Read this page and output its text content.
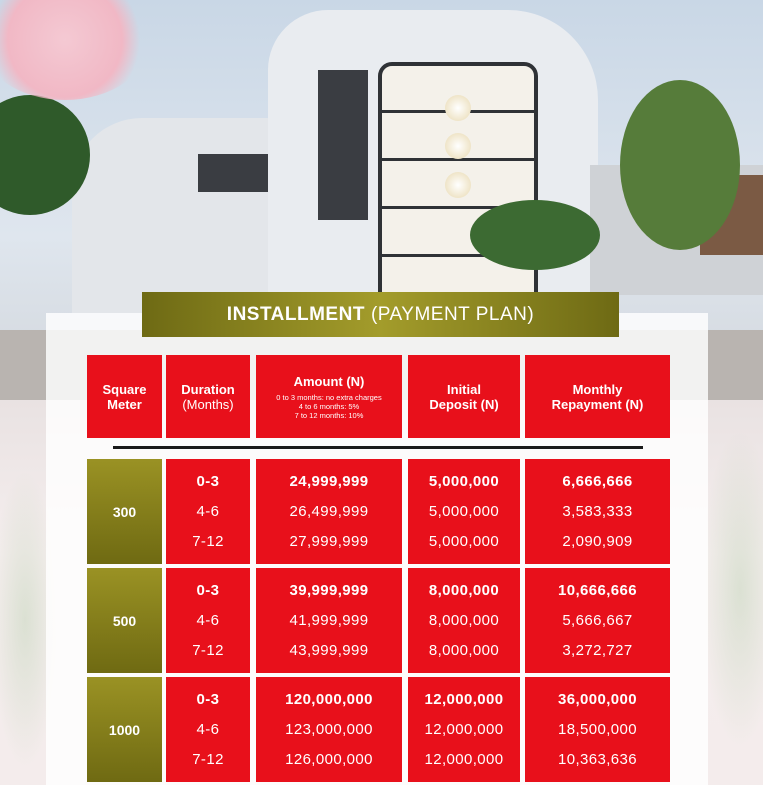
INSTALLMENT (PAYMENT PLAN)
Square
Meter
Duration
(Months)
Amount (N)
0 to 3 months: no extra charges
4 to 6 months: 5%
7 to 12 months: 10%
Initial
Deposit (N)
Monthly
Repayment (N)
300
0-3
4-6
7-12
24,999,999
26,499,999
27,999,999
5,000,000
5,000,000
5,000,000
6,666,666
3,583,333
2,090,909
500
0-3
4-6
7-12
39,999,999
41,999,999
43,999,999
8,000,000
8,000,000
8,000,000
10,666,666
5,666,667
3,272,727
1000
0-3
4-6
7-12
120,000,000
123,000,000
126,000,000
12,000,000
12,000,000
12,000,000
36,000,000
18,500,000
10,363,636
